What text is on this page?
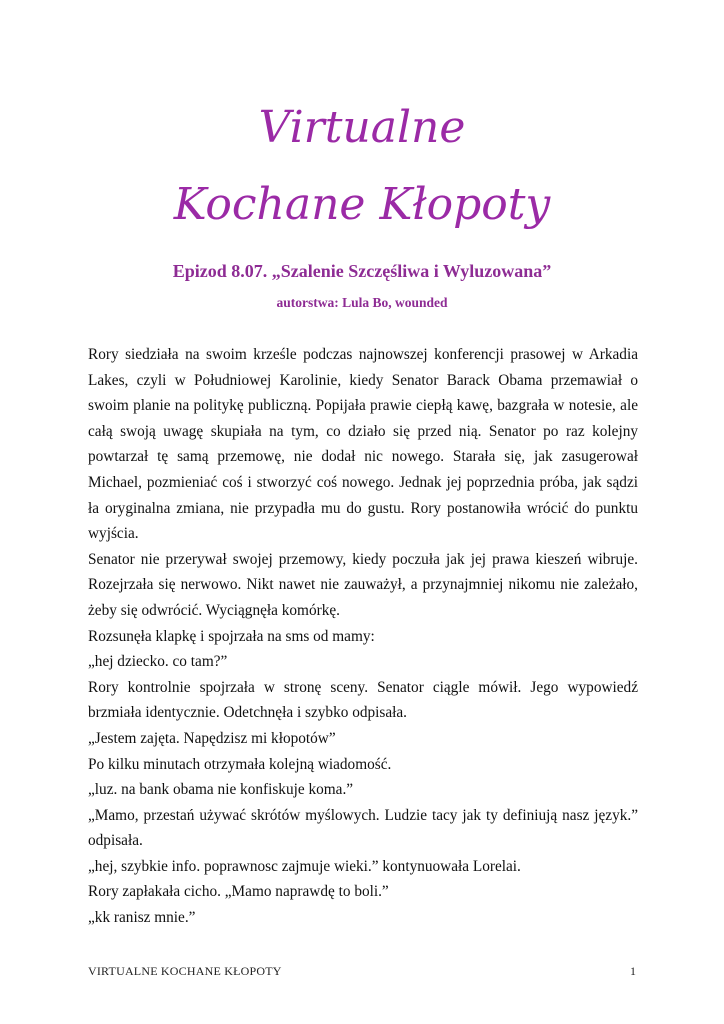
Virtualne
Kochane Kłopoty
Epizod 8.07. „Szalenie Szczęśliwa i Wyluzowana”
autorstwa: Lula Bo, wounded

Rory siedziała na swoim krześle podczas najnowszej konferencji prasowej w Arkadia Lakes, czyli w Południowej Karolinie, kiedy Senator Barack Obama przemawiał o swoim planie na politykę publiczną. Popijała prawie ciepłą kawę, bazgrała w notesie, ale całą swoją uwagę skupiała na tym, co działo się przed nią. Senator po raz kolejny powtarzał tę samą przemowę, nie dodał nic nowego. Starała się, jak zasugerował Michael, pozmieniać coś i stworzyć coś nowego. Jednak jej poprzednia próba, jak sądzi ła oryginalna zmiana, nie przypadła mu do gustu. Rory postanowiła wrócić do punktu wyjścia.

Senator nie przerywał swojej przemowy, kiedy poczuła jak jej prawa kieszeń wibruje. Rozejrzała się nerwowo. Nikt nawet nie zauważył, a przynajmniej nikomu nie zależało, żeby się odwrócić. Wyciągnęła komórkę.

Rozsunęła klapkę i spojrzała na sms od mamy:

„hej dziecko. co tam?”

Rory kontrolnie spojrzała w stronę sceny. Senator ciągle mówił. Jego wypowiedź brzmiała identycznie. Odetchnęła i szybko odpisała.

„Jestem zajęta. Napędzisz mi kłopotów”

Po kilku minutach otrzymała kolejną wiadomość.

„luz. na bank obama nie konfiskuje koma.”

„Mamo, przestań używać skrótów myślowych. Ludzie tacy jak ty definiują nasz język.” odpisała.

„hej, szybkie info. poprawnosc zajmuje wieki.” kontynuowała Lorelai.

Rory zapłakała cicho. „Mamo naprawdę to boli.”

„kk ranisz mnie.”

VIRTUALNE KOCHANE KŁOPOTY	1
